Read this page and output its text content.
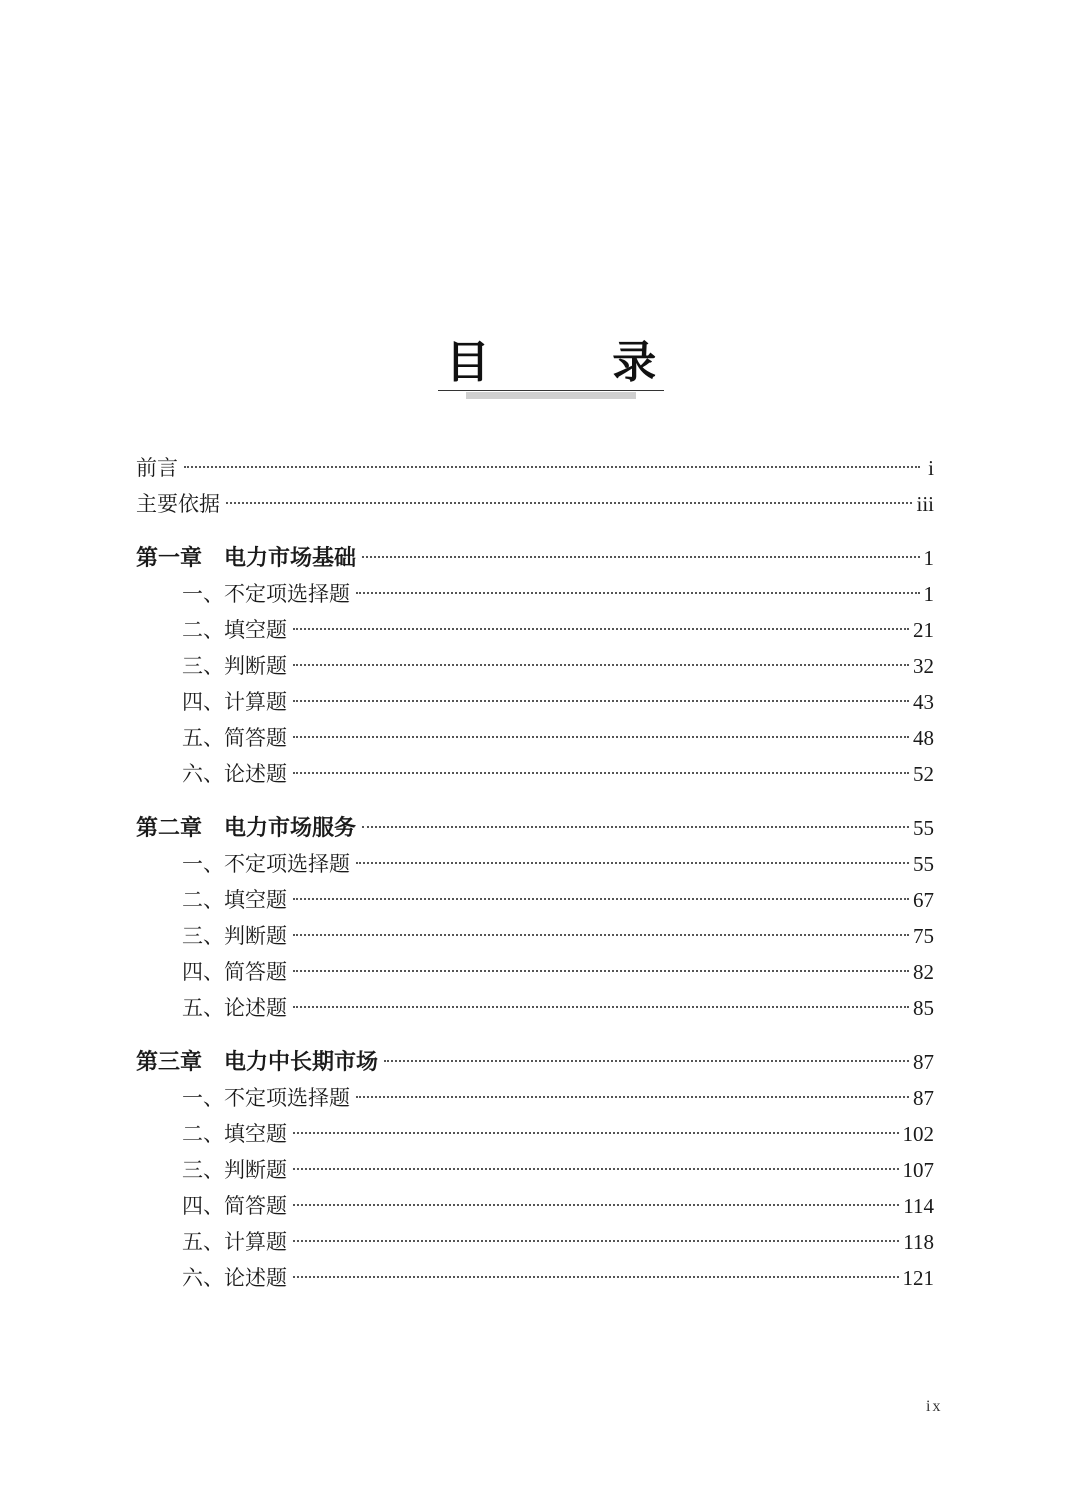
目        录
前言	i
主要依据	iii
第一章　电力市场基础	1
一、不定项选择题	1
二、填空题	21
三、判断题	32
四、计算题	43
五、简答题	48
六、论述题	52
第二章　电力市场服务	55
一、不定项选择题	55
二、填空题	67
三、判断题	75
四、简答题	82
五、论述题	85
第三章　电力中长期市场	87
一、不定项选择题	87
二、填空题	102
三、判断题	107
四、简答题	114
五、计算题	118
六、论述题	121
ix
